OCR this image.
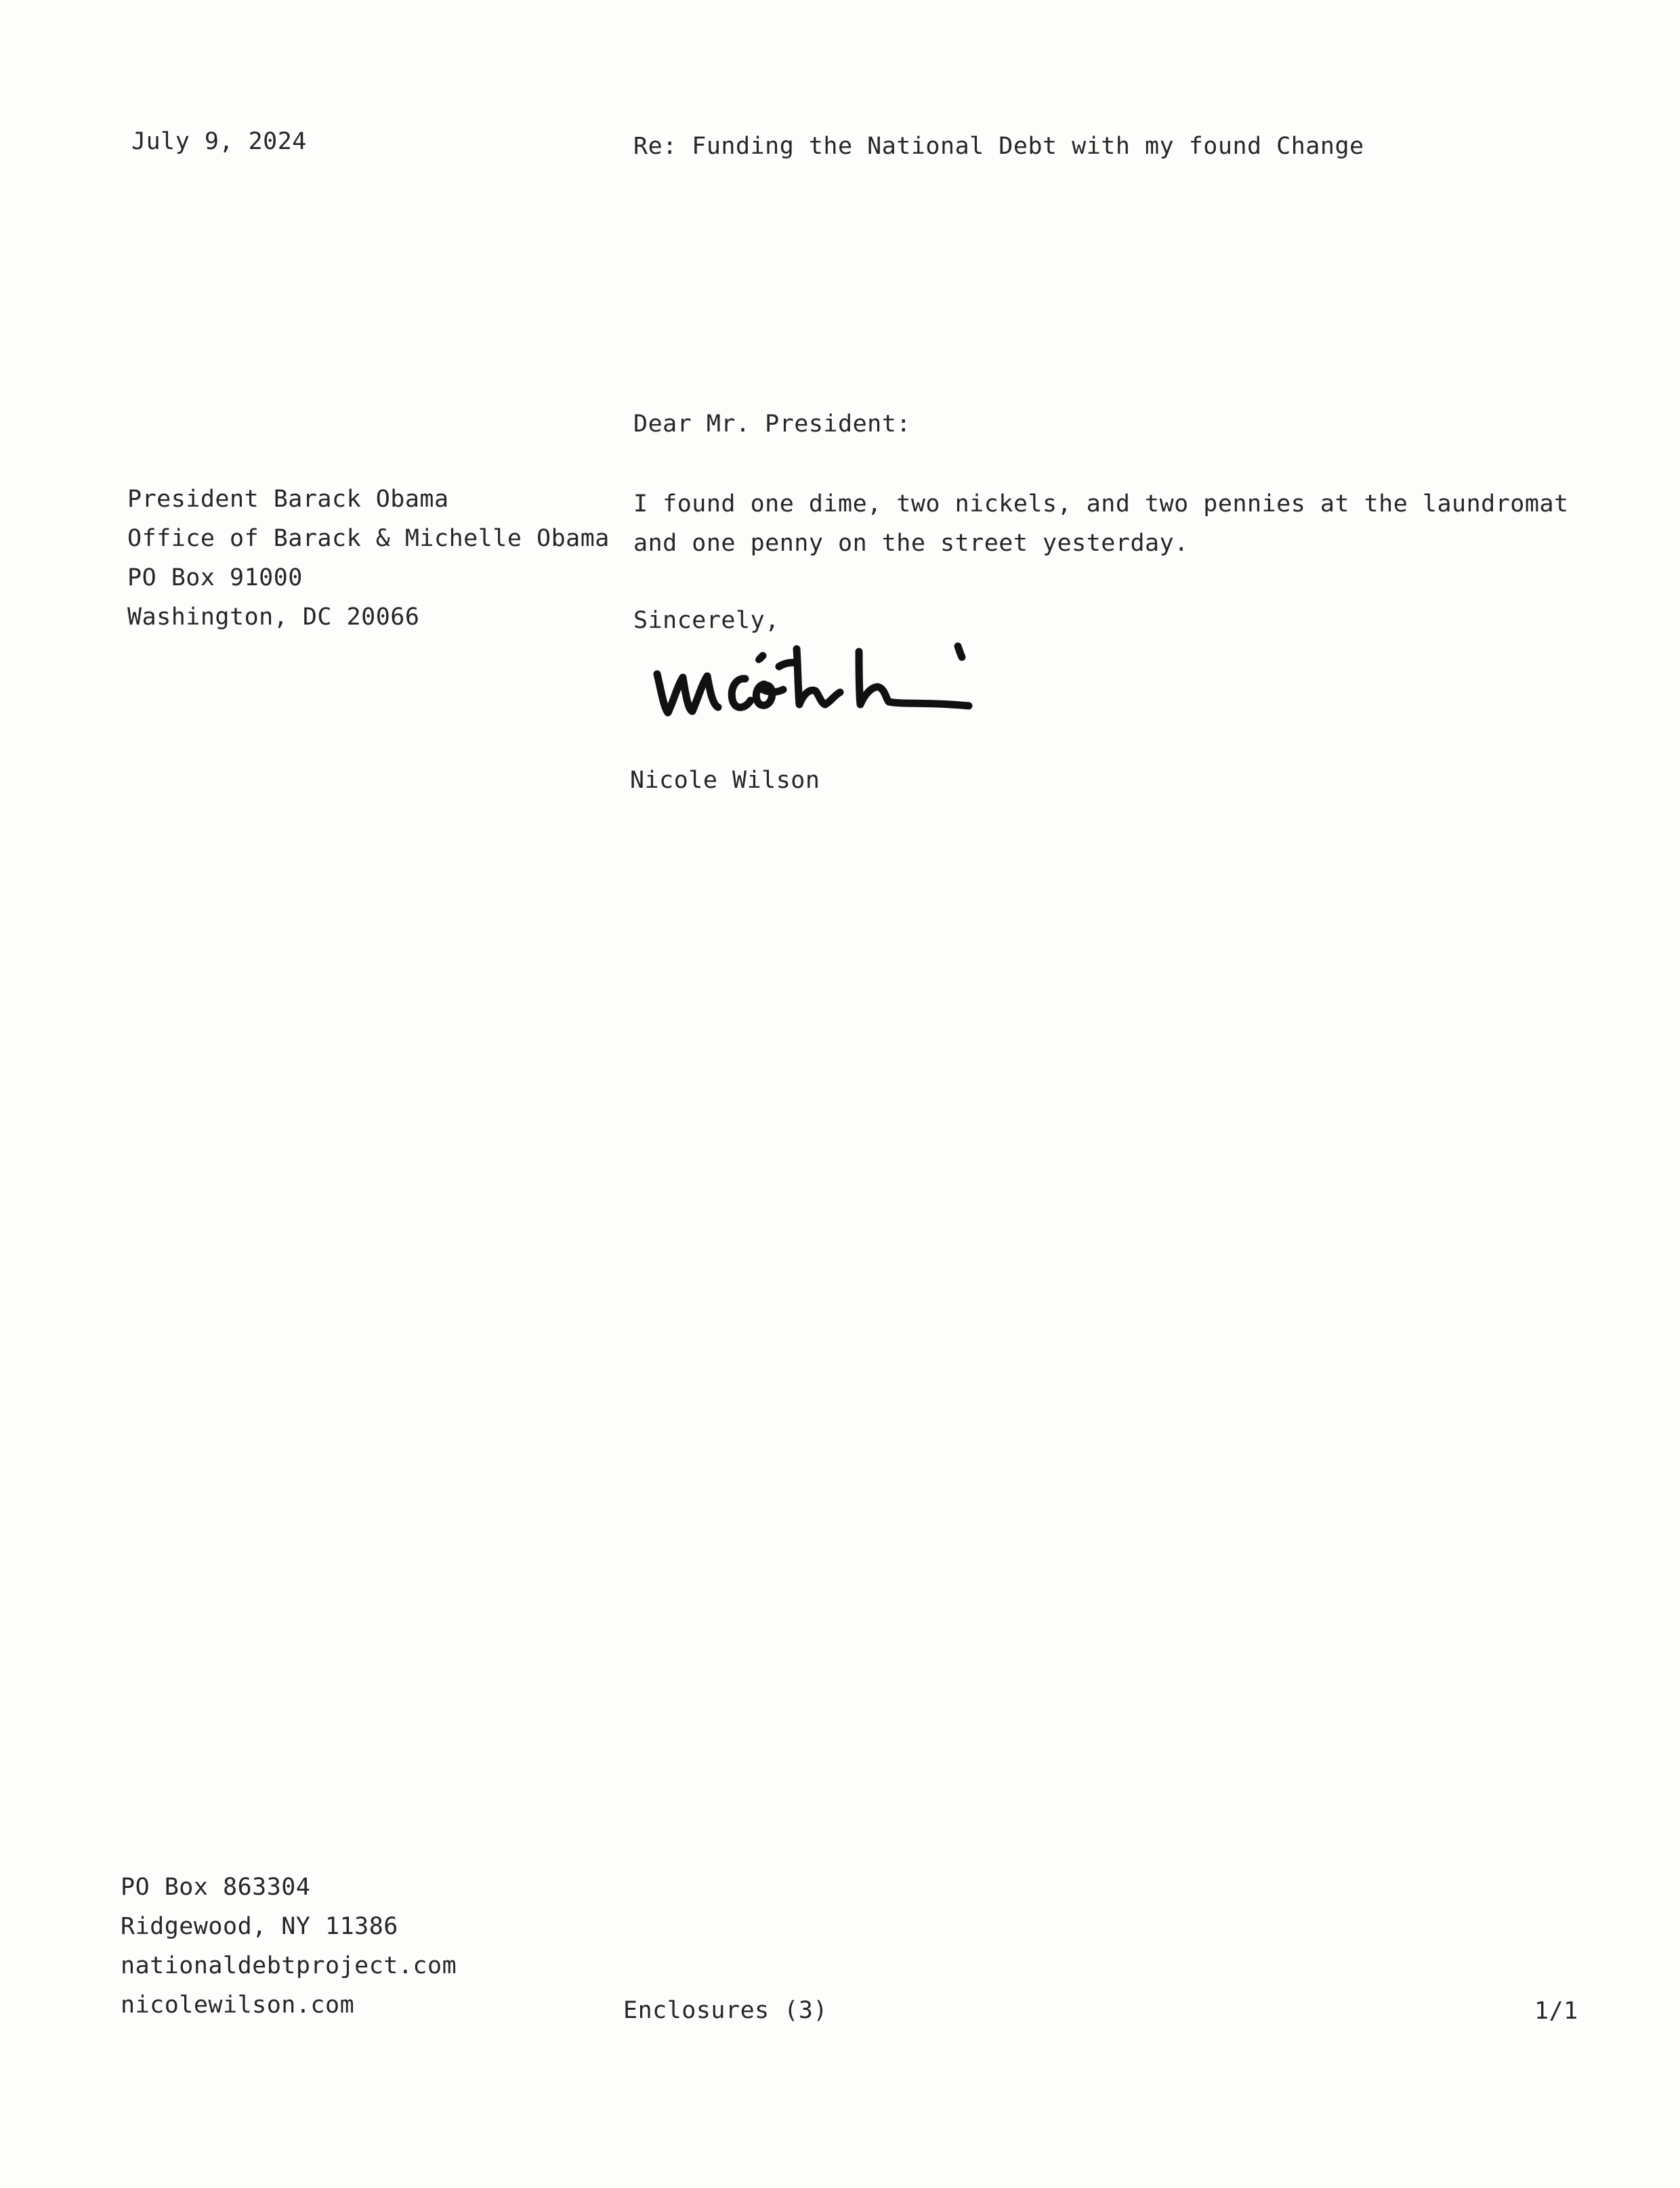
July 9, 2024	Re: Funding the National Debt with my found Change
Dear Mr. President:
President Barack Obama
Office of Barack & Michelle Obama
PO Box 91000
Washington, DC 20066
I found one dime, two nickels, and two pennies at the laundromat
and one penny on the street yesterday.
Sincerely,
Nicole Wilson
PO Box 863304
Ridgewood, NY 11386
nationaldebtproject.com
nicolewilson.com	Enclosures (3)	1/1
